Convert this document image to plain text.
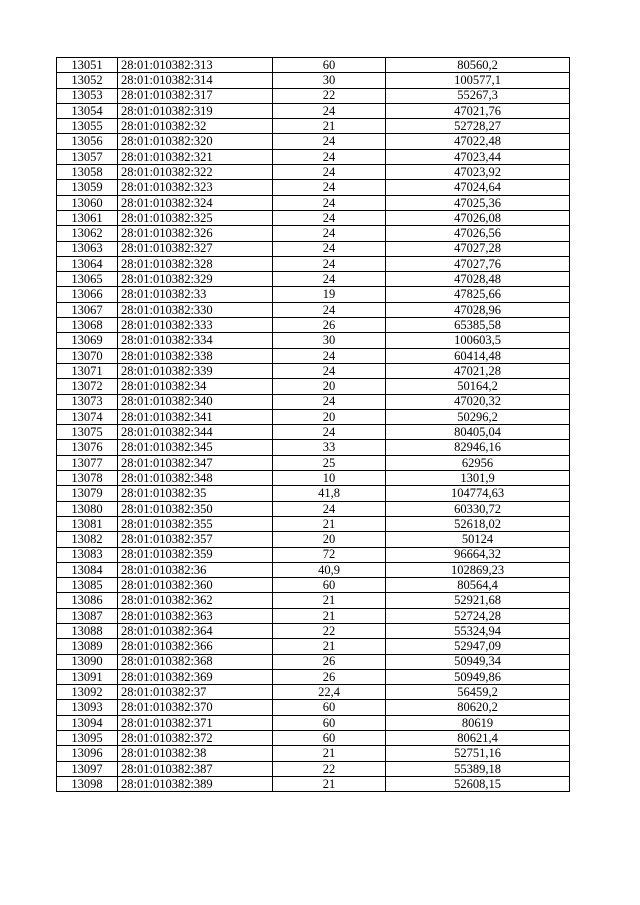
13051	28:01:010382:313	60	80560,2
13052	28:01:010382:314	30	100577,1
13053	28:01:010382:317	22	55267,3
13054	28:01:010382:319	24	47021,76
13055	28:01:010382:32	21	52728,27
13056	28:01:010382:320	24	47022,48
13057	28:01:010382:321	24	47023,44
13058	28:01:010382:322	24	47023,92
13059	28:01:010382:323	24	47024,64
13060	28:01:010382:324	24	47025,36
13061	28:01:010382:325	24	47026,08
13062	28:01:010382:326	24	47026,56
13063	28:01:010382:327	24	47027,28
13064	28:01:010382:328	24	47027,76
13065	28:01:010382:329	24	47028,48
13066	28:01:010382:33	19	47825,66
13067	28:01:010382:330	24	47028,96
13068	28:01:010382:333	26	65385,58
13069	28:01:010382:334	30	100603,5
13070	28:01:010382:338	24	60414,48
13071	28:01:010382:339	24	47021,28
13072	28:01:010382:34	20	50164,2
13073	28:01:010382:340	24	47020,32
13074	28:01:010382:341	20	50296,2
13075	28:01:010382:344	24	80405,04
13076	28:01:010382:345	33	82946,16
13077	28:01:010382:347	25	62956
13078	28:01:010382:348	10	1301,9
13079	28:01:010382:35	41,8	104774,63
13080	28:01:010382:350	24	60330,72
13081	28:01:010382:355	21	52618,02
13082	28:01:010382:357	20	50124
13083	28:01:010382:359	72	96664,32
13084	28:01:010382:36	40,9	102869,23
13085	28:01:010382:360	60	80564,4
13086	28:01:010382:362	21	52921,68
13087	28:01:010382:363	21	52724,28
13088	28:01:010382:364	22	55324,94
13089	28:01:010382:366	21	52947,09
13090	28:01:010382:368	26	50949,34
13091	28:01:010382:369	26	50949,86
13092	28:01:010382:37	22,4	56459,2
13093	28:01:010382:370	60	80620,2
13094	28:01:010382:371	60	80619
13095	28:01:010382:372	60	80621,4
13096	28:01:010382:38	21	52751,16
13097	28:01:010382:387	22	55389,18
13098	28:01:010382:389	21	52608,15
